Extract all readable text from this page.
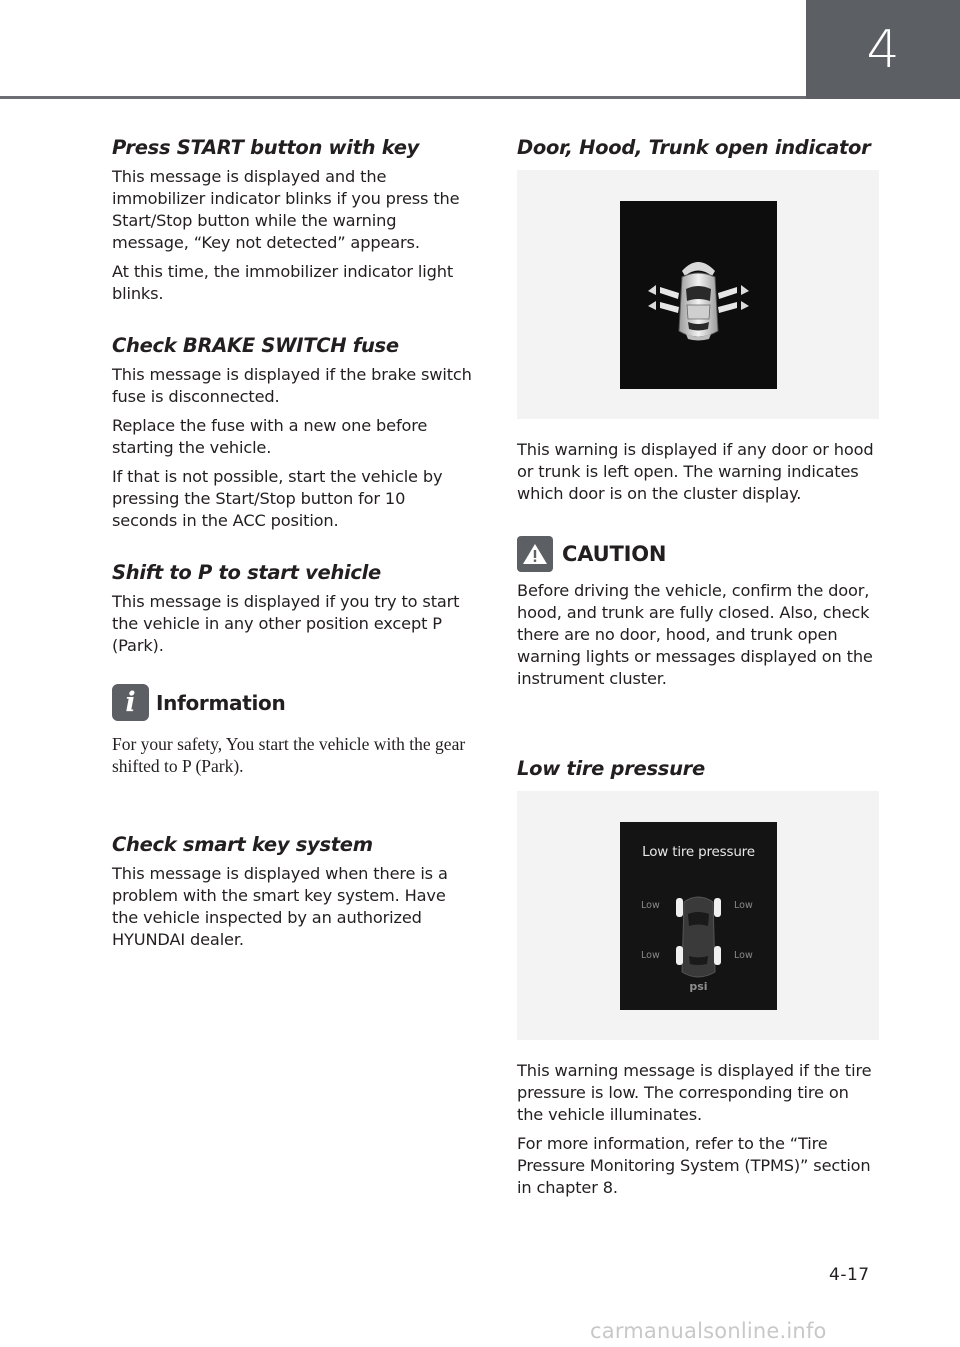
4
Press START button with key

This message is displayed and the immobilizer indicator blinks if you press the Start/Stop button while the warning message, “Key not detected” appears.

At this time, the immobilizer indicator light blinks.

Check BRAKE SWITCH fuse

This message is displayed if the brake switch fuse is disconnected.

Replace the fuse with a new one before starting the vehicle.

If that is not possible, start the vehicle by pressing the Start/Stop button for 10 seconds in the ACC position.

Shift to P to start vehicle

This message is displayed if you try to start the vehicle in any other position except P (Park).

i	Information

For your safety, You start the vehicle with the gear shifted to P (Park).

Check smart key system

This message is displayed when there is a problem with the smart key system. Have the vehicle inspected by an authorized HYUNDAI dealer.

Door, Hood, Trunk open indicator

This warning is displayed if any door or hood or trunk is left open. The warning indicates which door is on the cluster display.

CAUTION

Before driving the vehicle, confirm the door, hood, and trunk are fully closed. Also, check there are no door, hood, and trunk open warning lights or messages displayed on the instrument cluster.

Low tire pressure
Low tire pressure
Low	Low
Low	Low
psi

This warning message is displayed if the tire pressure is low. The corresponding tire on the vehicle illuminates.

For more information, refer to the “Tire Pressure Monitoring System (TPMS)” section in chapter 8.

4-17
carmanualsonline.info
